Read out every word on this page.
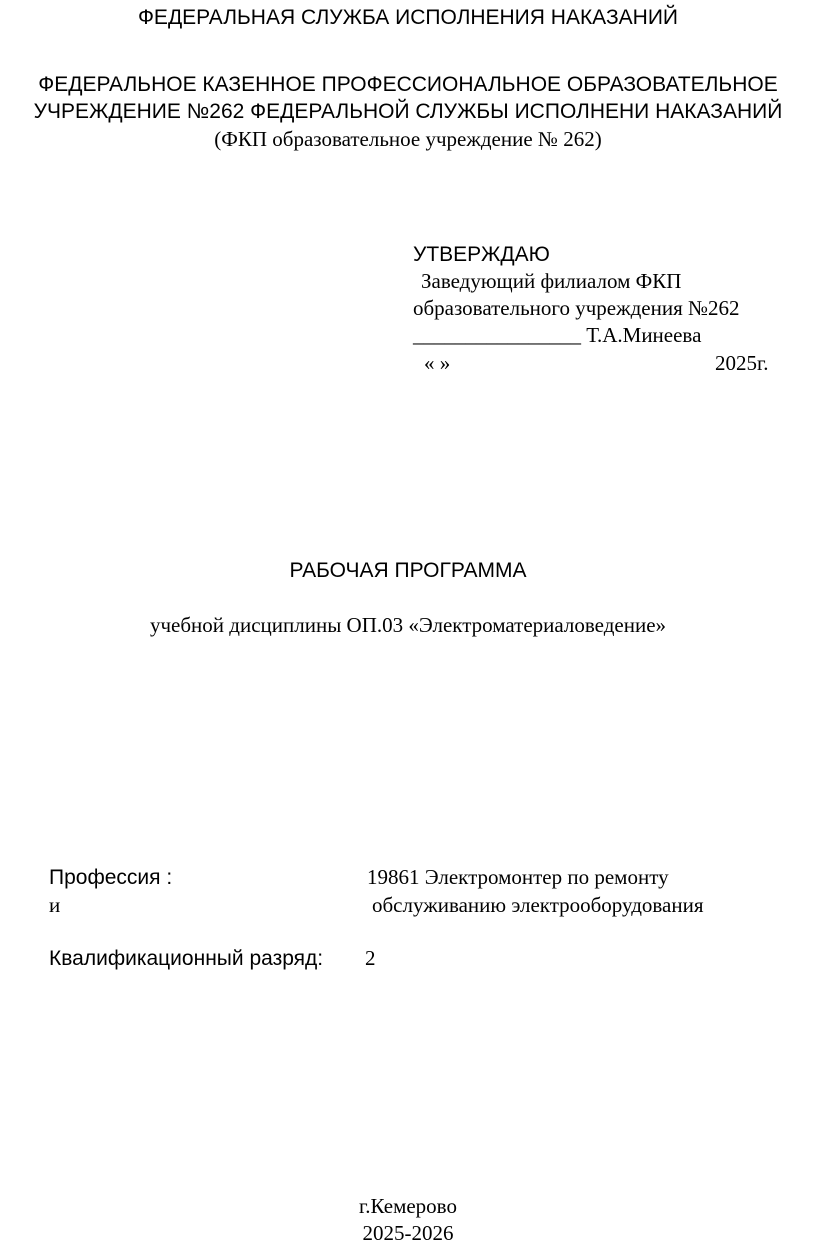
ФЕДЕРАЛЬНАЯ СЛУЖБА ИСПОЛНЕНИЯ НАКАЗАНИЙ
ФЕДЕРАЛЬНОЕ КАЗЕННОЕ ПРОФЕССИОНАЛЬНОЕ ОБРАЗОВАТЕЛЬНОЕ
УЧРЕЖДЕНИЕ №262 ФЕДЕРАЛЬНОЙ СЛУЖБЫ ИСПОЛНЕНИ НАКАЗАНИЙ
(ФКП образовательное учреждение № 262)
УТВЕРЖДАЮ
Заведующий филиалом ФКП
образовательного учреждения №262
________________ Т.А.Минеева
« »	2025г.
РАБОЧАЯ ПРОГРАММА
учебной дисциплины ОП.03 «Электроматериаловедение»
Профессия :	19861 Электромонтер по ремонту
и	обслуживанию электрооборудования
Квалификационный разряд: 2
г.Кемерово
2025-2026
